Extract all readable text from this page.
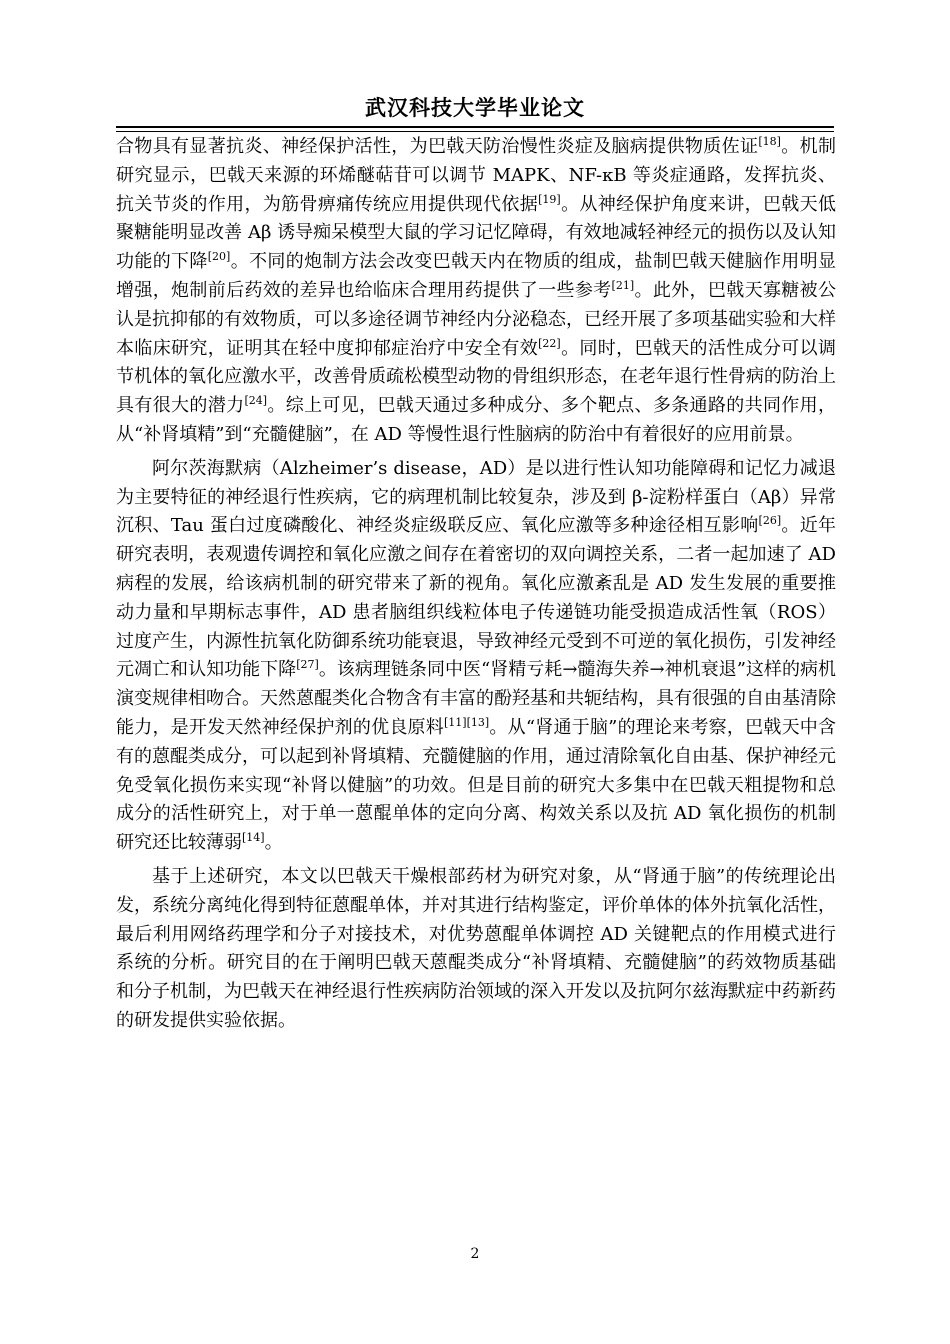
武汉科技大学毕业论文

合物具有显著抗炎、神经保护活性，为巴戟天防治慢性炎症及脑病提供物质佐证[18]。机制研究显示，巴戟天来源的环烯醚萜苷可以调节 MAPK、NF-κB 等炎症通路，发挥抗炎、抗关节炎的作用，为筋骨痹痛传统应用提供现代依据[19]。从神经保护角度来讲，巴戟天低聚糖能明显改善 Aβ 诱导痴呆模型大鼠的学习记忆障碍，有效地减轻神经元的损伤以及认知功能的下降[20]。不同的炮制方法会改变巴戟天内在物质的组成，盐制巴戟天健脑作用明显增强，炮制前后药效的差异也给临床合理用药提供了一些参考[21]。此外，巴戟天寡糖被公认是抗抑郁的有效物质，可以多途径调节神经内分泌稳态，已经开展了多项基础实验和大样本临床研究，证明其在轻中度抑郁症治疗中安全有效[22]。同时，巴戟天的活性成分可以调节机体的氧化应激水平，改善骨质疏松模型动物的骨组织形态，在老年退行性骨病的防治上具有很大的潜力[24]。综上可见，巴戟天通过多种成分、多个靶点、多条通路的共同作用，从“补肾填精”到“充髓健脑”，在 AD 等慢性退行性脑病的防治中有着很好的应用前景。

阿尔茨海默病（Alzheimer’s disease，AD）是以进行性认知功能障碍和记忆力减退为主要特征的神经退行性疾病，它的病理机制比较复杂，涉及到 β-淀粉样蛋白（Aβ）异常沉积、Tau 蛋白过度磷酸化、神经炎症级联反应、氧化应激等多种途径相互影响[26]。近年研究表明，表观遗传调控和氧化应激之间存在着密切的双向调控关系，二者一起加速了 AD 病程的发展，给该病机制的研究带来了新的视角。氧化应激紊乱是 AD 发生发展的重要推动力量和早期标志事件，AD 患者脑组织线粒体电子传递链功能受损造成活性氧（ROS）过度产生，内源性抗氧化防御系统功能衰退，导致神经元受到不可逆的氧化损伤，引发神经元凋亡和认知功能下降[27]。该病理链条同中医“肾精亏耗→髓海失养→神机衰退”这样的病机演变规律相吻合。天然蒽醌类化合物含有丰富的酚羟基和共轭结构，具有很强的自由基清除能力，是开发天然神经保护剂的优良原料[11][13]。从“肾通于脑”的理论来考察，巴戟天中含有的蒽醌类成分，可以起到补肾填精、充髓健脑的作用，通过清除氧化自由基、保护神经元免受氧化损伤来实现“补肾以健脑”的功效。但是目前的研究大多集中在巴戟天粗提物和总成分的活性研究上，对于单一蒽醌单体的定向分离、构效关系以及抗 AD 氧化损伤的机制研究还比较薄弱[14]。

基于上述研究，本文以巴戟天干燥根部药材为研究对象，从“肾通于脑”的传统理论出发，系统分离纯化得到特征蒽醌单体，并对其进行结构鉴定，评价单体的体外抗氧化活性，最后利用网络药理学和分子对接技术，对优势蒽醌单体调控 AD 关键靶点的作用模式进行系统的分析。研究目的在于阐明巴戟天蒽醌类成分“补肾填精、充髓健脑”的药效物质基础和分子机制，为巴戟天在神经退行性疾病防治领域的深入开发以及抗阿尔兹海默症中药新药的研发提供实验依据。

2
